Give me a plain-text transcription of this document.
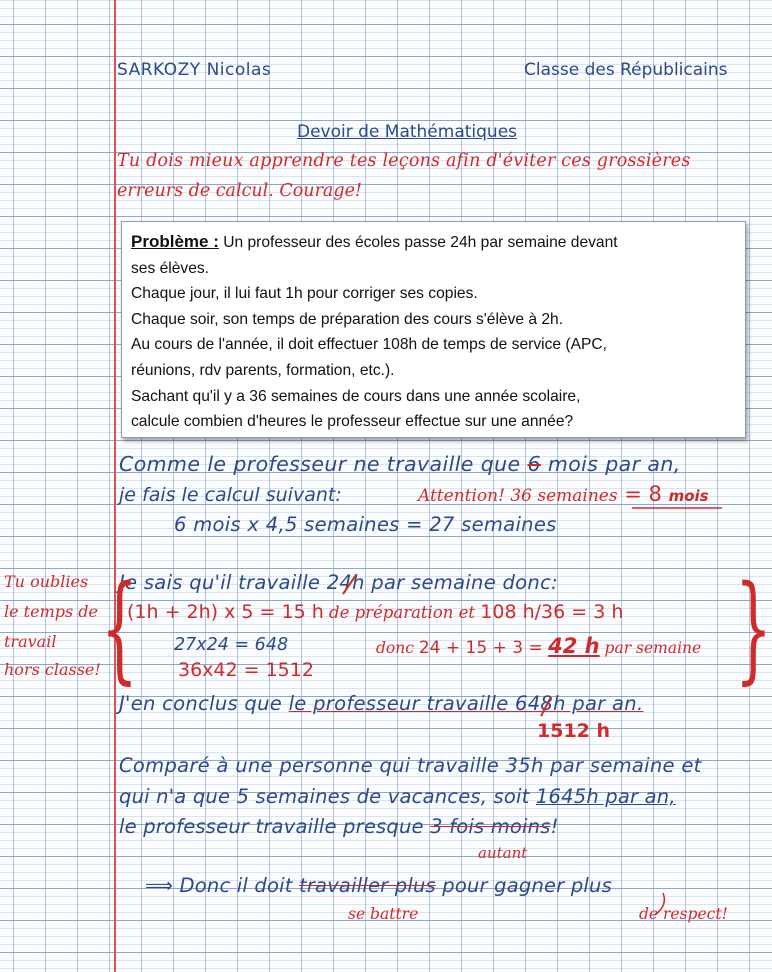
SARKOZY Nicolas	Classe des Républicains
Devoir de Mathématiques
Tu dois mieux apprendre tes leçons afin d'éviter ces grossières
erreurs de calcul. Courage!
Problème : Un professeur des écoles passe 24h par semaine devant
ses élèves.
Chaque jour, il lui faut 1h pour corriger ses copies.
Chaque soir, son temps de préparation des cours s'élève à 2h.
Au cours de l'année, il doit effectuer 108h de temps de service (APC,
réunions, rdv parents, formation, etc.).
Sachant qu'il y a 36 semaines de cours dans une année scolaire,
calcule combien d'heures le professeur effectue sur une année?
Comme le professeur ne travaille que 6 mois par an,
je fais le calcul suivant:	Attention! 36 semaines = 8 mois
6 mois x 4,5 semaines = 27 semaines
Je sais qu'il travaille 24h par semaine donc:
(1h + 2h) x 5 = 15 h de préparation et 108 h/36 = 3 h
27x24 = 648	donc 24 + 15 + 3 = 42 h par semaine
36x42 = 1512
{	}
Tu oublies
le temps de
travail
hors classe!
J'en conclus que le professeur travaille 648h par an.
1512 h
Comparé à une personne qui travaille 35h par semaine et
qui n'a que 5 semaines de vacances, soit 1645h par an,
le professeur travaille presque 3 fois moins!
autant
⟹ Donc il doit travailler plus pour gagner plus
se battre	de respect!
